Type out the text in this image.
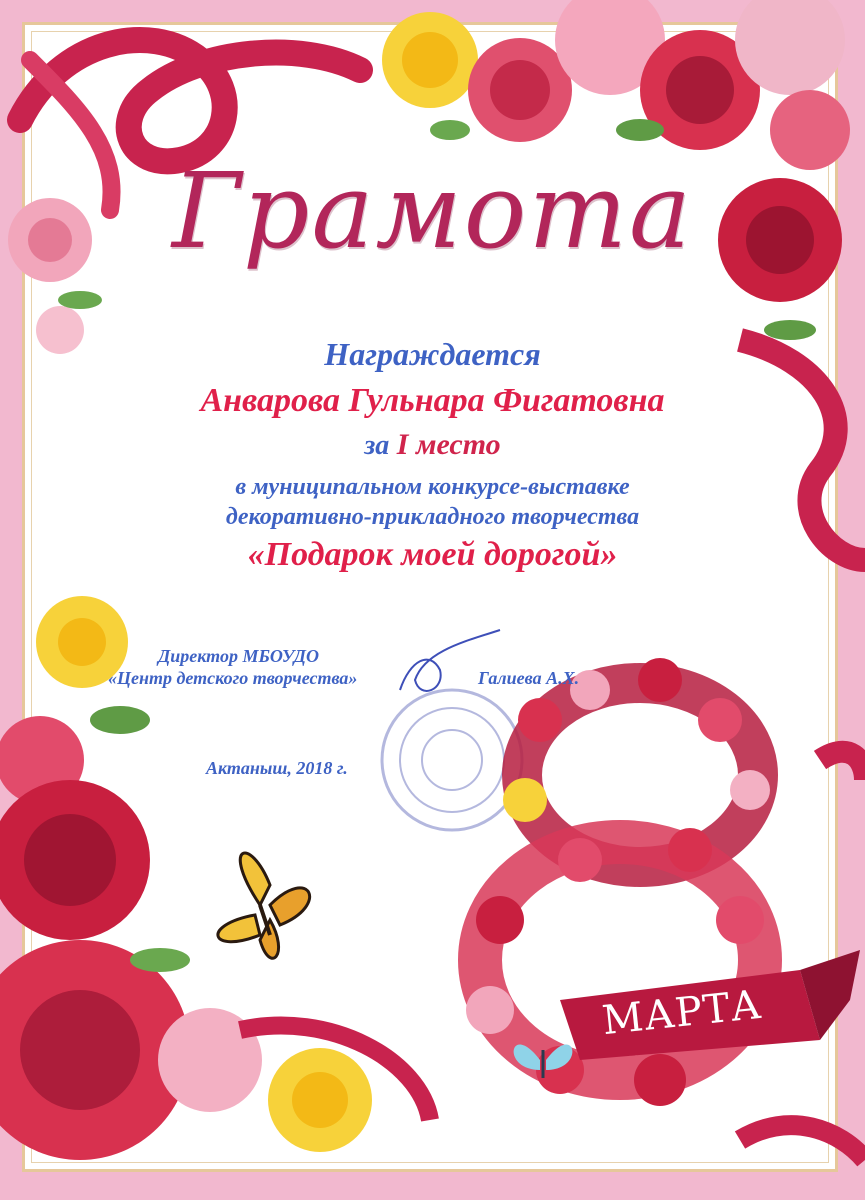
Грамота
Награждается
Анварова Гульнара Фигатовна
за I место
в муниципальном конкурсе-выставке
декоративно-прикладного творчества
«Подарок моей дорогой»
Директор МБОУДО
«Центр детского творчества»	Галиева А.Х.
Актаныш, 2018 г.
МАРТА
